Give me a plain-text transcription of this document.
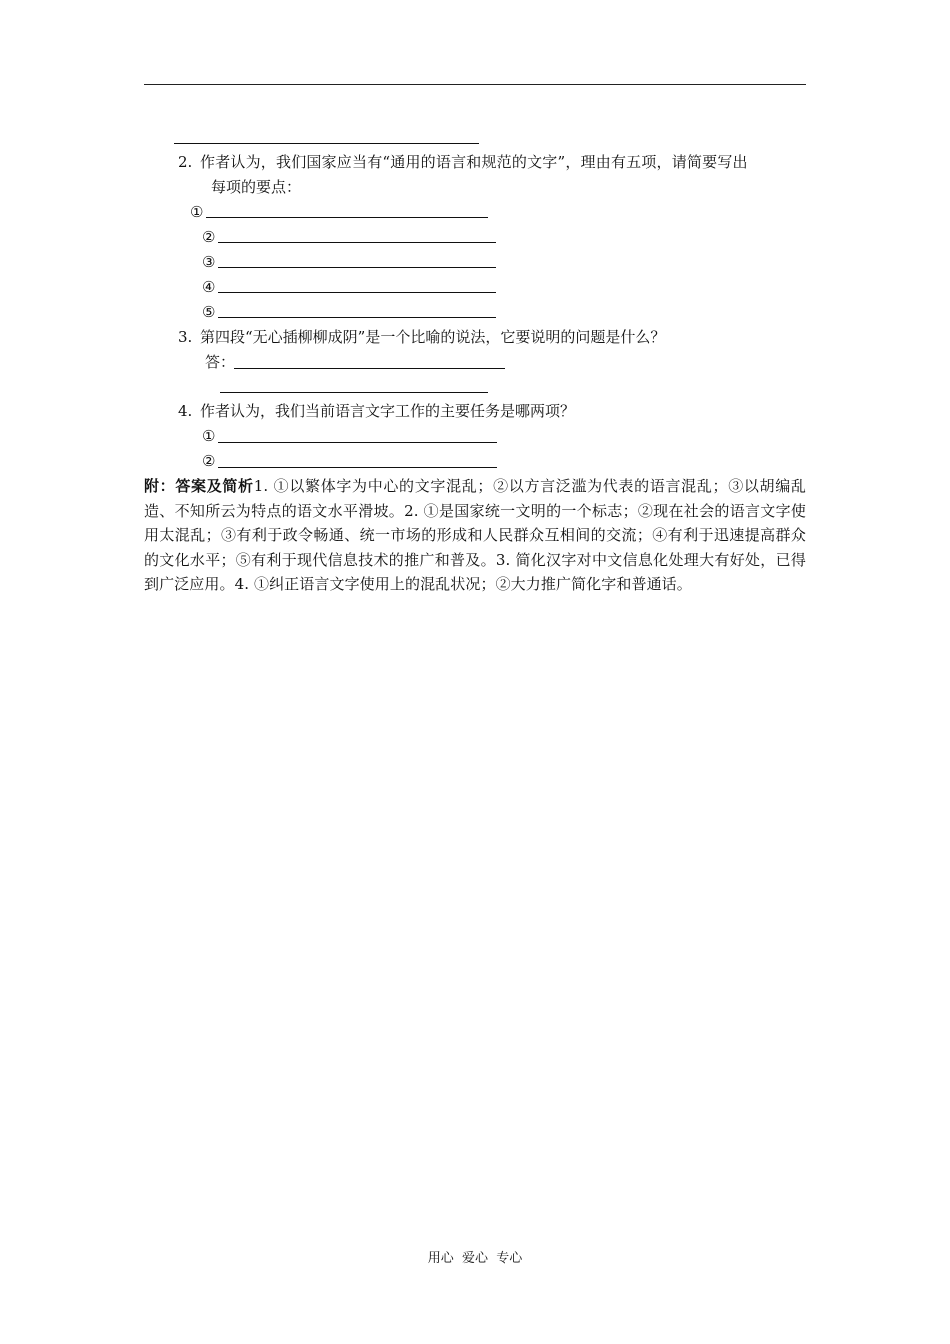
2. 作者认为，我们国家应当有“通用的语言和规范的文字”，理由有五项，请简要写出
每项的要点：
①
②
③
④
⑤
3. 第四段“无心插柳柳成阴”是一个比喻的说法，它要说明的问题是什么？
答：
4. 作者认为，我们当前语言文字工作的主要任务是哪两项？
①
②
附：答案及简析1. ①以繁体字为中心的文字混乱；②以方言泛滥为代表的语言混乱；③以胡编乱造、不知所云为特点的语文水平滑坡。2. ①是国家统一文明的一个标志；②现在社会的语言文字使用太混乱；③有利于政令畅通、统一市场的形成和人民群众互相间的交流；④有利于迅速提高群众的文化水平；⑤有利于现代信息技术的推广和普及。3. 简化汉字对中文信息化处理大有好处，已得到广泛应用。4. ①纠正语言文字使用上的混乱状况；②大力推广简化字和普通话。
用心  爱心  专心
